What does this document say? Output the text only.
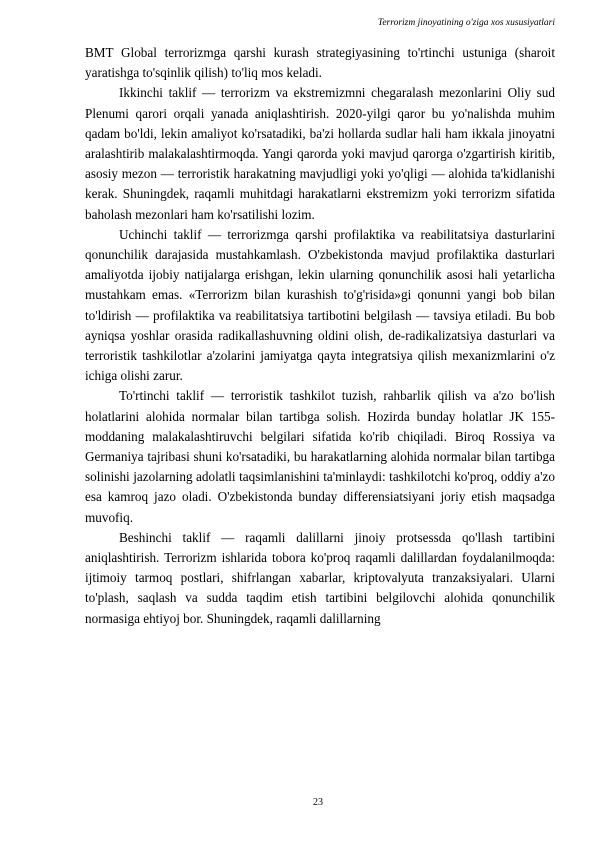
Terrorizm jinoyatining o'ziga xos xususiyatlari

BMT Global terrorizmga qarshi kurash strategiyasining to'rtinchi ustuniga (sharoit yaratishga to'sqinlik qilish) to'liq mos keladi.

Ikkinchi taklif — terrorizm va ekstremizmni chegaralash mezonlarini Oliy sud Plenumi qarori orqali yanada aniqlashtirish. 2020-yilgi qaror bu yo'nalishda muhim qadam bo'ldi, lekin amaliyot ko'rsatadiki, ba'zi hollarda sudlar hali ham ikkala jinoyatni aralashtirib malakalashtirmoqda. Yangi qarorda yoki mavjud qarorga o'zgartirish kiritib, asosiy mezon — terroristik harakatning mavjudligi yoki yo'qligi — alohida ta'kidlanishi kerak. Shuningdek, raqamli muhitdagi harakatlarni ekstremizm yoki terrorizm sifatida baholash mezonlari ham ko'rsatilishi lozim.

Uchinchi taklif — terrorizmga qarshi profilaktika va reabilitatsiya dasturlarini qonunchilik darajasida mustahkamlash. O'zbekistonda mavjud profilaktika dasturlari amaliyotda ijobiy natijalarga erishgan, lekin ularning qonunchilik asosi hali yetarlicha mustahkam emas. «Terrorizm bilan kurashish to'g'risida»gi qonunni yangi bob bilan to'ldirish — profilaktika va reabilitatsiya tartibotini belgilash — tavsiya etiladi. Bu bob ayniqsa yoshlar orasida radikallashuvning oldini olish, de-radikalizatsiya dasturlari va terroristik tashkilotlar a'zolarini jamiyatga qayta integratsiya qilish mexanizmlarini o'z ichiga olishi zarur.

To'rtinchi taklif — terroristik tashkilot tuzish, rahbarlik qilish va a'zo bo'lish holatlarini alohida normalar bilan tartibga solish. Hozirda bunday holatlar JK 155-moddaning malakalashtiruvchi belgilari sifatida ko'rib chiqiladi. Biroq Rossiya va Germaniya tajribasi shuni ko'rsatadiki, bu harakatlarning alohida normalar bilan tartibga solinishi jazolarning adolatli taqsimlanishini ta'minlaydi: tashkilotchi ko'proq, oddiy a'zo esa kamroq jazo oladi. O'zbekistonda bunday differensiatsiyani joriy etish maqsadga muvofiq.

Beshinchi taklif — raqamli dalillarni jinoiy protsessda qo'llash tartibini aniqlashtirish. Terrorizm ishlarida tobora ko'proq raqamli dalillardan foydalanilmoqda: ijtimoiy tarmoq postlari, shifrlangan xabarlar, kriptovalyuta tranzaksiyalari. Ularni to'plash, saqlash va sudda taqdim etish tartibini belgilovchi alohida qonunchilik normasiga ehtiyoj bor. Shuningdek, raqamli dalillarning

23
